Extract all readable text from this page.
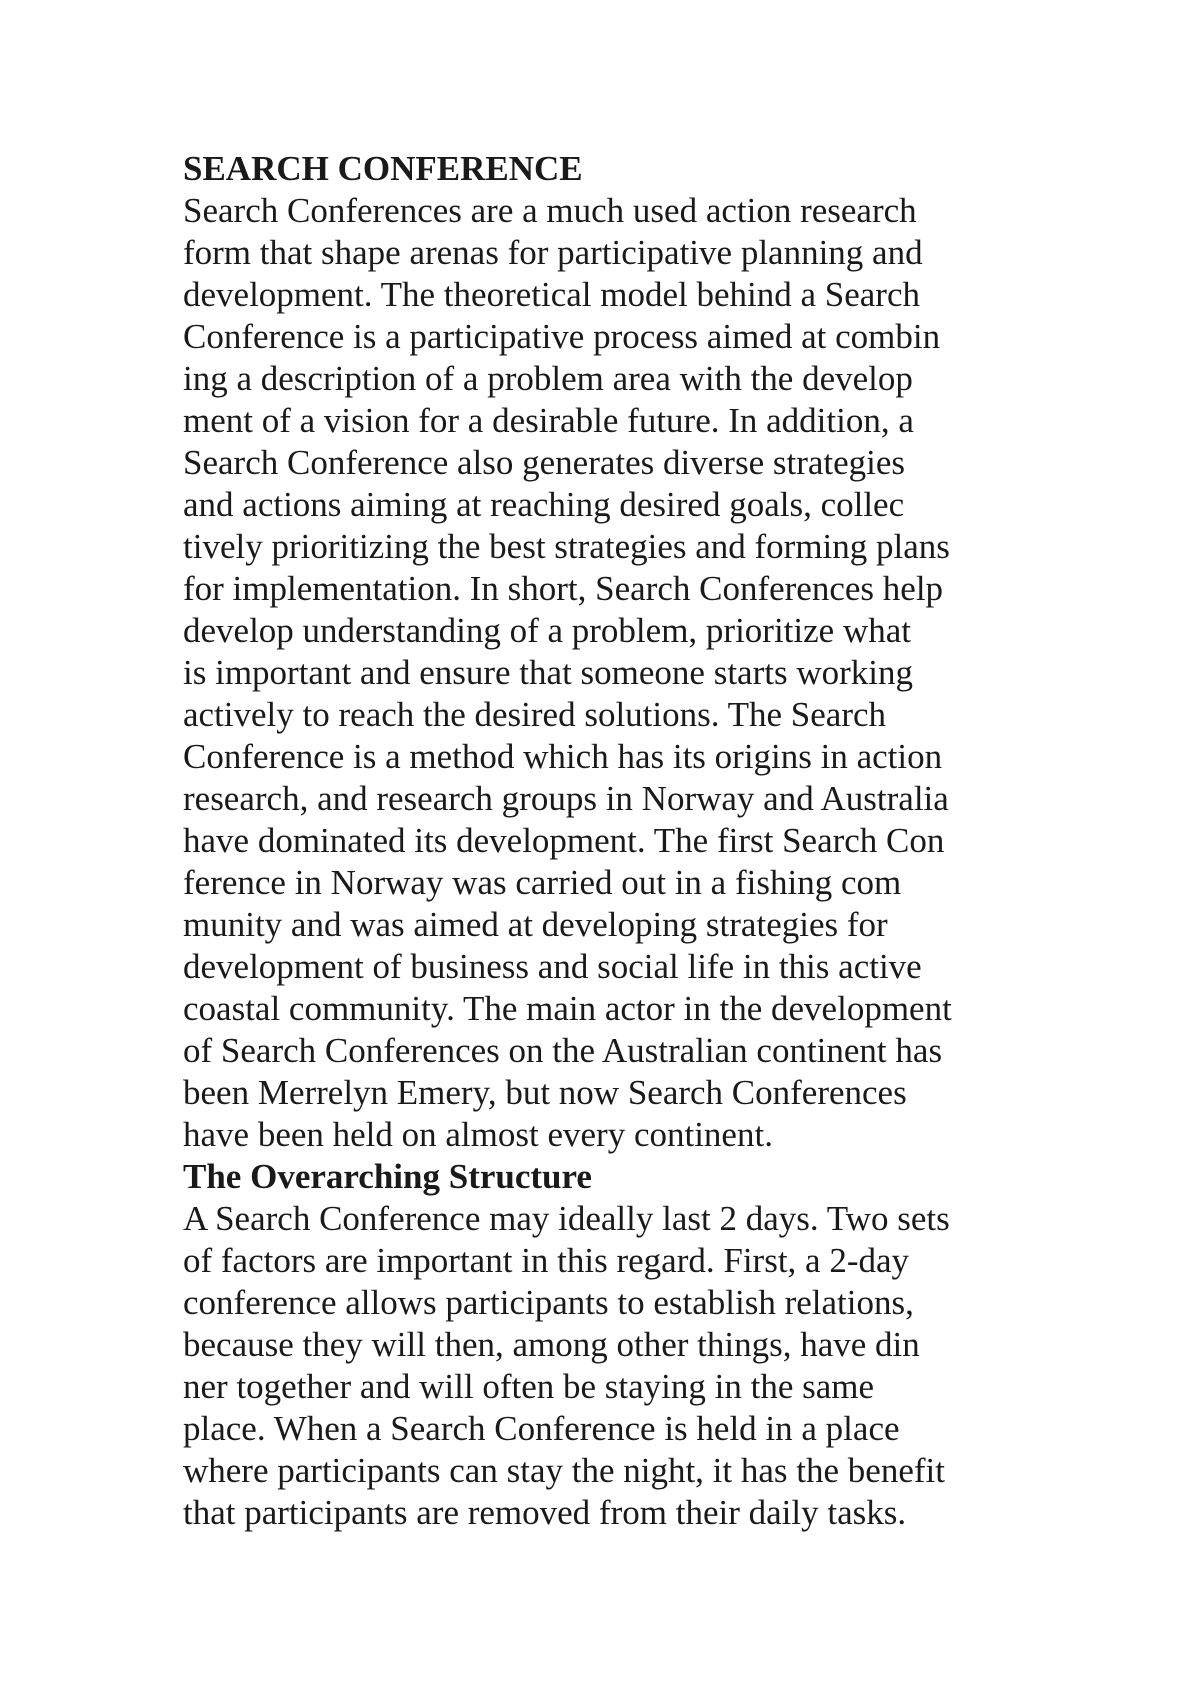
SEARCH CONFERENCE
Search Conferences are a much used action research
form that shape arenas for participative planning and
development. The theoretical model behind a Search
Conference is a participative process aimed at combin
ing a description of a problem area with the develop
ment of a vision for a desirable future. In addition, a
Search Conference also generates diverse strategies
and actions aiming at reaching desired goals, collec
tively prioritizing the best strategies and forming plans
for implementation. In short, Search Conferences help
develop understanding of a problem, prioritize what
is important and ensure that someone starts working
actively to reach the desired solutions. The Search
Conference is a method which has its origins in action
research, and research groups in Norway and Australia
have dominated its development. The first Search Con
ference in Norway was carried out in a fishing com
munity and was aimed at developing strategies for
development of business and social life in this active
coastal community. The main actor in the development
of Search Conferences on the Australian continent has
been Merrelyn Emery, but now Search Conferences
have been held on almost every continent.
The Overarching Structure
A Search Conference may ideally last 2 days. Two sets
of factors are important in this regard. First, a 2-day
conference allows participants to establish relations,
because they will then, among other things, have din
ner together and will often be staying in the same
place. When a Search Conference is held in a place
where participants can stay the night, it has the benefit
that participants are removed from their daily tasks.
